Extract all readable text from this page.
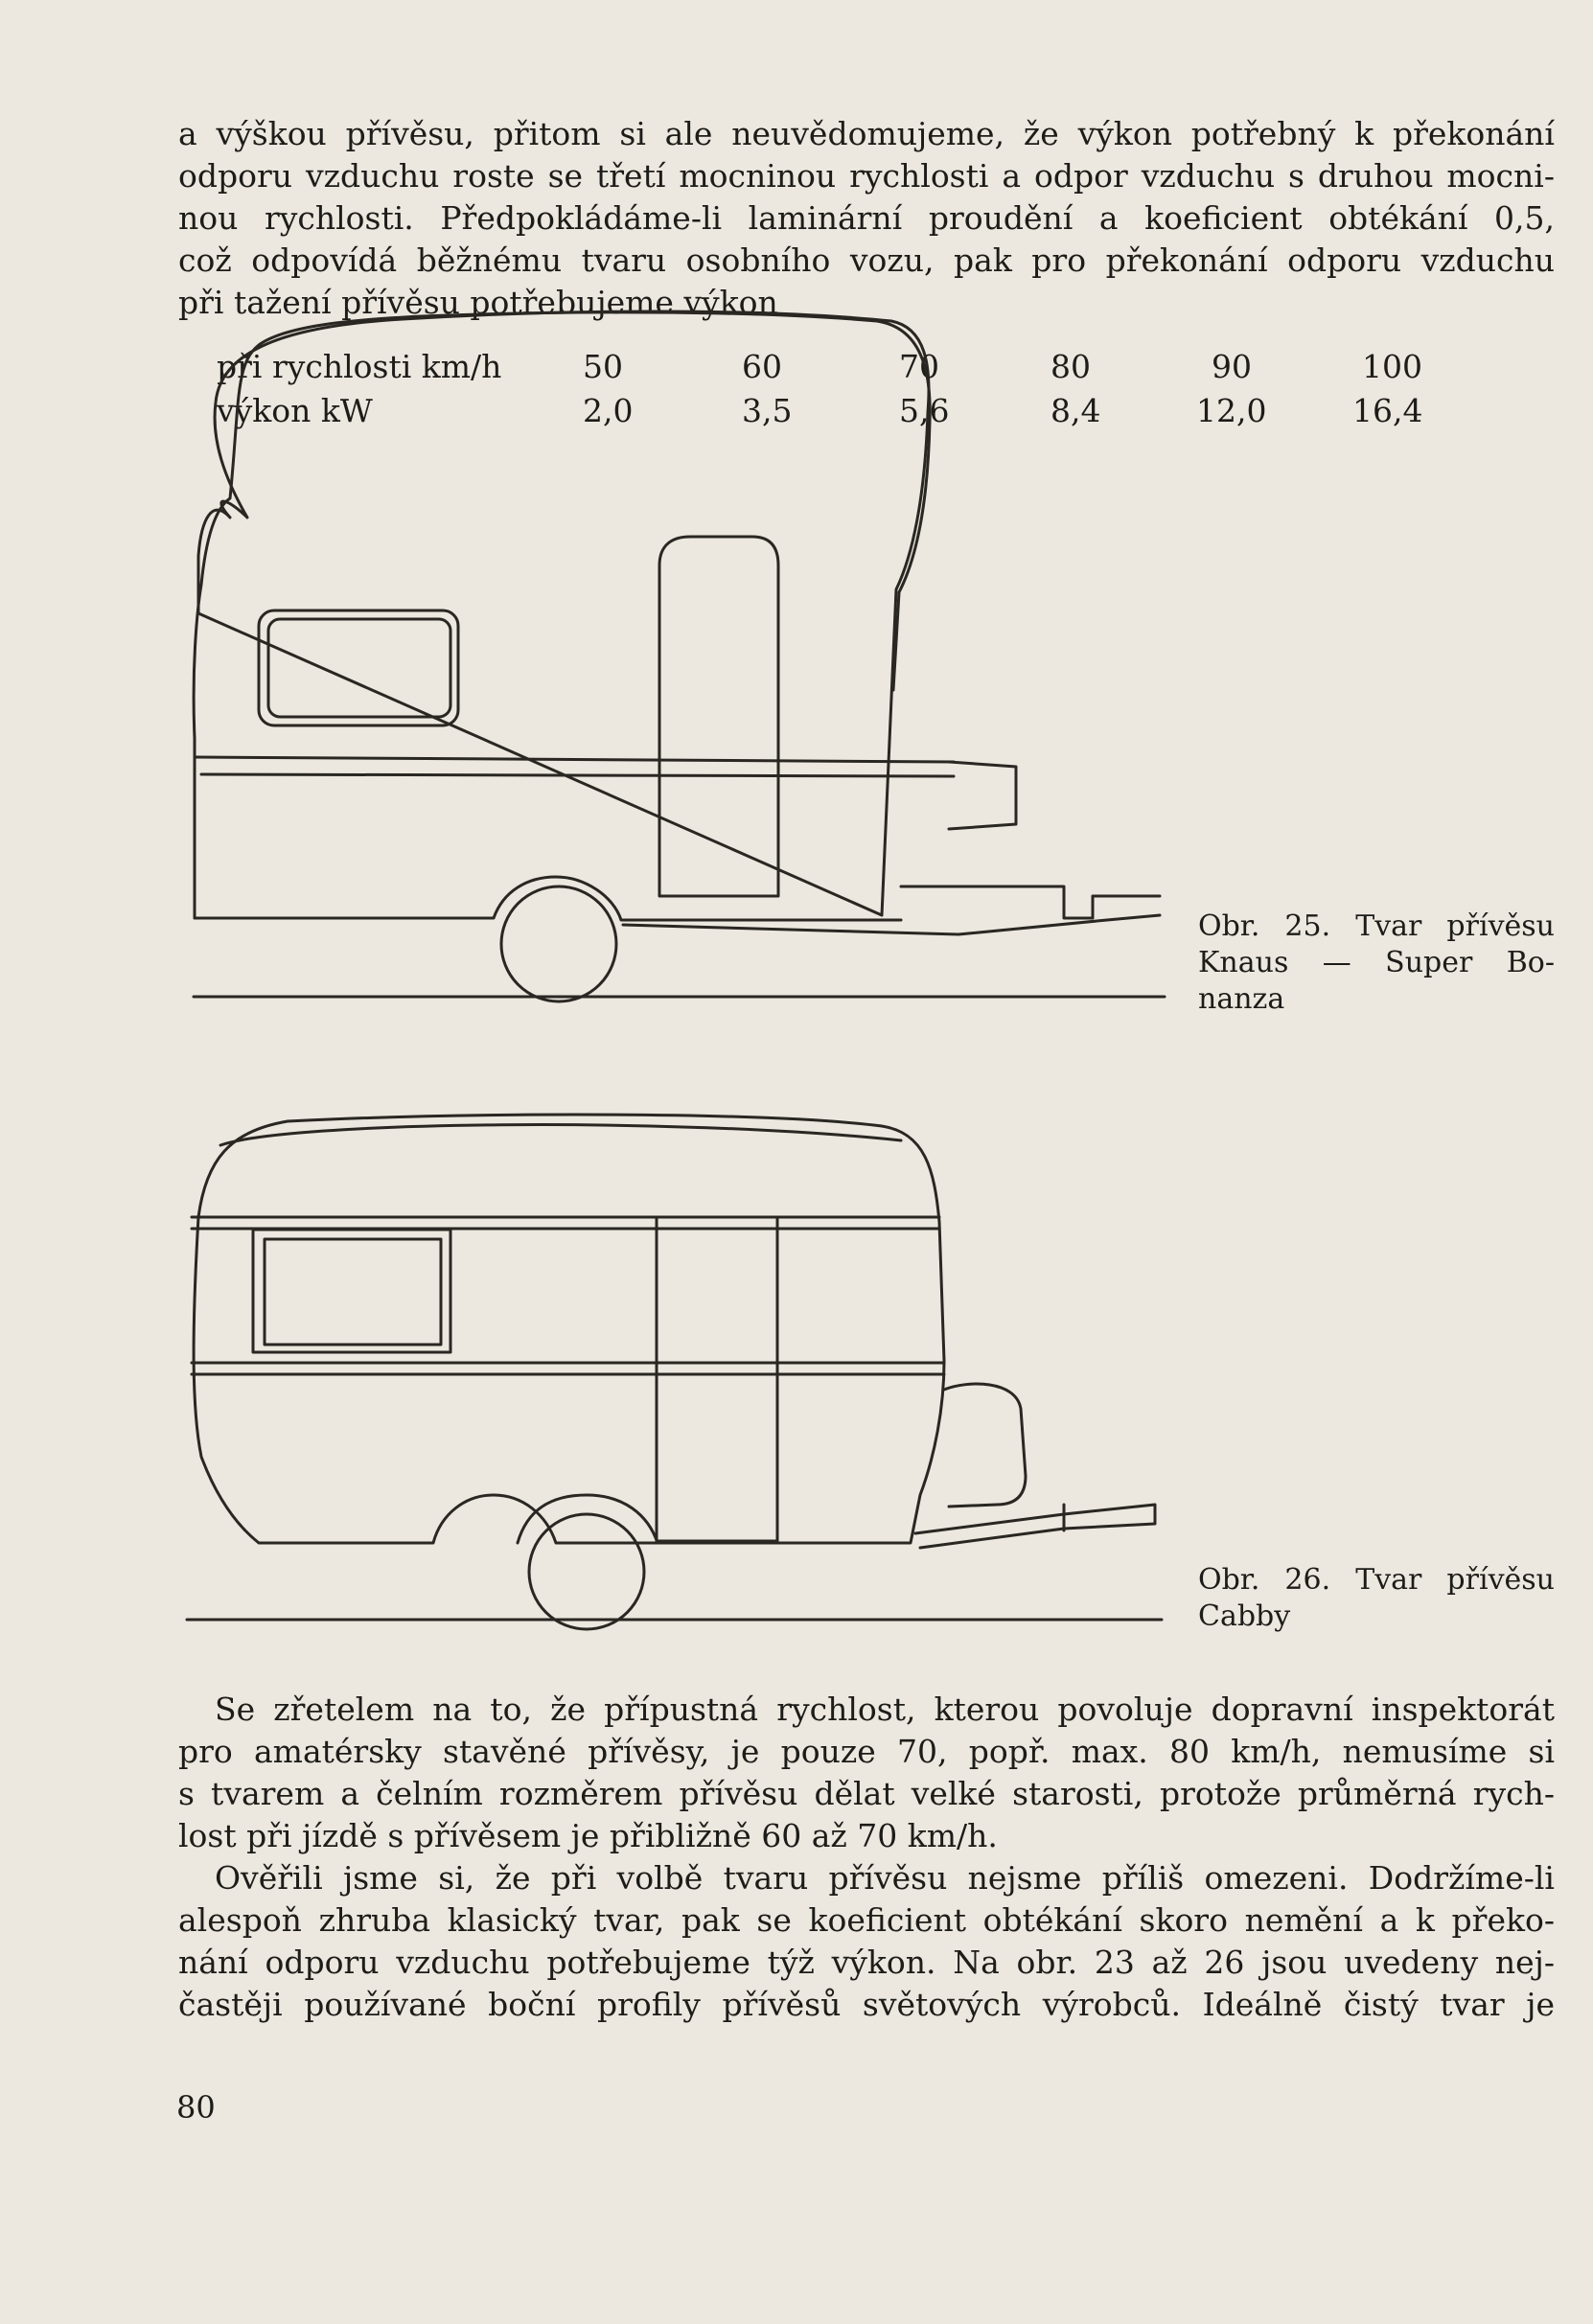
a výškou přívěsu, přitom si ale neuvědomujeme, že výkon potřebný k překonání
odporu vzduchu roste se třetí mocninou rychlosti a odpor vzduchu s druhou mocni-
nou rychlosti. Předpokládáme-li laminární proudění a koeficient obtékání 0,5,
což odpovídá běžnému tvaru osobního vozu, pak pro překonání odporu vzduchu
při tažení přívěsu potřebujeme výkon
při rychlosti km/h	50	60	70	80	90	100
výkon kW	2,0	3,5	5,6	8,4	12,0	16,4
Obr. 25. Tvar přívěsu
Knaus — Super Bo-
nanza
Obr. 26. Tvar přívěsu
Cabby
Se zřetelem na to, že přípustná rychlost, kterou povoluje dopravní inspektorát
pro amatérsky stavěné přívěsy, je pouze 70, popř. max. 80 km/h, nemusíme si
s tvarem a čelním rozměrem přívěsu dělat velké starosti, protože průměrná rych-
lost při jízdě s přívěsem je přibližně 60 až 70 km/h.
Ověřili jsme si, že při volbě tvaru přívěsu nejsme příliš omezeni. Dodržíme-li
alespoň zhruba klasický tvar, pak se koeficient obtékání skoro nemění a k překo-
nání odporu vzduchu potřebujeme týž výkon. Na obr. 23 až 26 jsou uvedeny nej-
častěji používané boční profily přívěsů světových výrobců. Ideálně čistý tvar je
80
